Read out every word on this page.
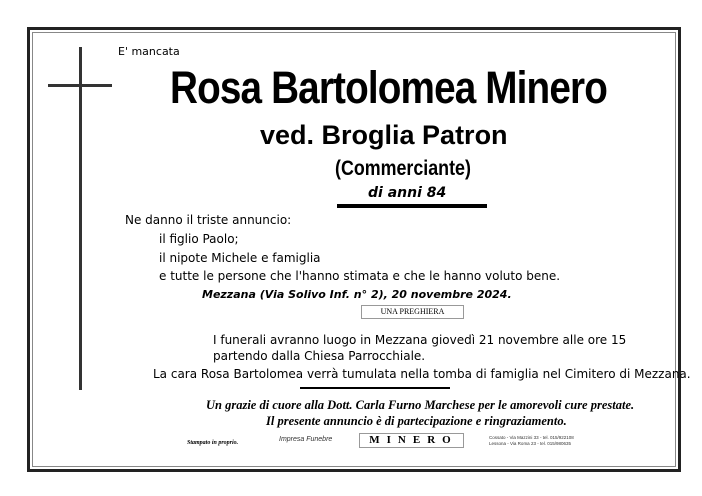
E' mancata
Rosa Bartolomea Minero
ved. Broglia Patron
(Commerciante)
di anni 84
Ne danno il triste annuncio:
il figlio Paolo;
il nipote Michele e famiglia
e tutte le persone che l'hanno stimata e che le hanno voluto bene.
Mezzana (Via Solivo Inf. n° 2), 20 novembre 2024.
UNA PREGHIERA
I funerali avranno luogo in Mezzana giovedì 21 novembre alle ore 15
partendo dalla Chiesa Parrocchiale.
La cara Rosa Bartolomea verrà tumulata nella tomba di famiglia nel Cimitero di Mezzana.
Un grazie di cuore alla Dott. Carla Furno Marchese per le amorevoli cure prestate.
Il presente annuncio è di partecipazione e ringraziamento.
Stampato in proprio.	Impresa Funebre	MINERO	Cossato - Via Mazzini 33 - tel. 015/922108
Lessona - Via Roma 23 - tel. 015/980635
